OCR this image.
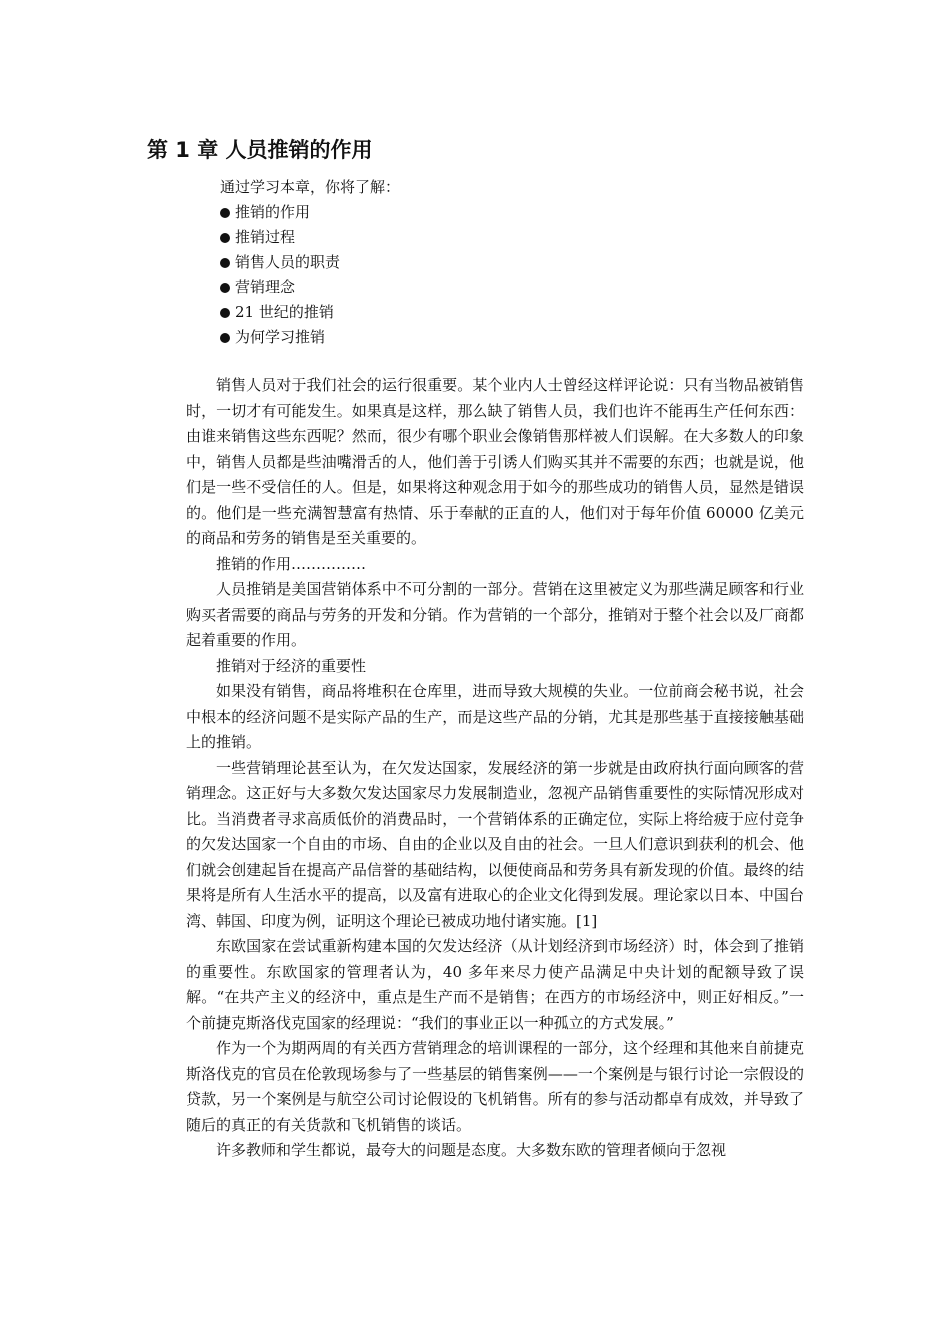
第 1 章 人员推销的作用

通过学习本章，你将了解：

推销的作用
推销过程
销售人员的职责
营销理念
21 世纪的推销
为何学习推销

销售人员对于我们社会的运行很重要。某个业内人士曾经这样评论说：只有当物品被销售时，一切才有可能发生。如果真是这样，那么缺了销售人员，我们也许不能再生产任何东西：由谁来销售这些东西呢？然而，很少有哪个职业会像销售那样被人们误解。在大多数人的印象中，销售人员都是些油嘴滑舌的人，他们善于引诱人们购买其并不需要的东西；也就是说，他们是一些不受信任的人。但是，如果将这种观念用于如今的那些成功的销售人员，显然是错误的。他们是一些充满智慧富有热情、乐于奉献的正直的人，他们对于每年价值 60000 亿美元的商品和劳务的销售是至关重要的。

推销的作用……………

人员推销是美国营销体系中不可分割的一部分。营销在这里被定义为那些满足顾客和行业购买者需要的商品与劳务的开发和分销。作为营销的一个部分，推销对于整个社会以及厂商都起着重要的作用。

推销对于经济的重要性

如果没有销售，商品将堆积在仓库里，进而导致大规模的失业。一位前商会秘书说，社会中根本的经济问题不是实际产品的生产，而是这些产品的分销，尤其是那些基于直接接触基础上的推销。

一些营销理论甚至认为，在欠发达国家，发展经济的第一步就是由政府执行面向顾客的营销理念。这正好与大多数欠发达国家尽力发展制造业，忽视产品销售重要性的实际情况形成对比。当消费者寻求高质低价的消费品时，一个营销体系的正确定位，实际上将给疲于应付竞争的欠发达国家一个自由的市场、自由的企业以及自由的社会。一旦人们意识到获利的机会、他们就会创建起旨在提高产品信誉的基础结构，以便使商品和劳务具有新发现的价值。最终的结果将是所有人生活水平的提高，以及富有进取心的企业文化得到发展。理论家以日本、中国台湾、韩国、印度为例，证明这个理论已被成功地付诸实施。[1]

东欧国家在尝试重新构建本国的欠发达经济（从计划经济到市场经济）时，体会到了推销的重要性。东欧国家的管理者认为，40 多年来尽力使产品满足中央计划的配额导致了误解。“在共产主义的经济中，重点是生产而不是销售；在西方的市场经济中，则正好相反。”一个前捷克斯洛伐克国家的经理说：“我们的事业正以一种孤立的方式发展。”

作为一个为期两周的有关西方营销理念的培训课程的一部分，这个经理和其他来自前捷克斯洛伐克的官员在伦敦现场参与了一些基层的销售案例——一个案例是与银行讨论一宗假设的贷款，另一个案例是与航空公司讨论假设的飞机销售。所有的参与活动都卓有成效，并导致了随后的真正的有关货款和飞机销售的谈话。

许多教师和学生都说，最夸大的问题是态度。大多数东欧的管理者倾向于忽视
